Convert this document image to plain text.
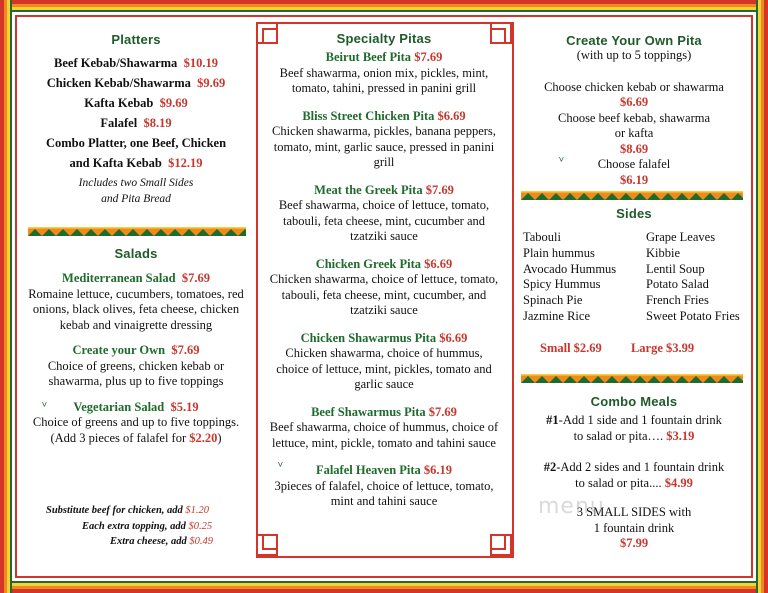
Platters
Beef Kebab/Shawarma $10.19
Chicken Kebab/Shawarma $9.69
Kafta Kebab $9.69
Falafel $8.19
Combo Platter, one Beef, Chicken
and Kafta Kebab $12.19
Includes two Small Sides
and Pita Bread
Salads
Mediterranean Salad $7.69
Romaine lettuce, cucumbers, tomatoes, red onions, black olives, feta cheese, chicken kebab and vinaigrette dressing
Create your Own $7.69
Choice of greens, chicken kebab or shawarma, plus up to five toppings
ⱽ Vegetarian Salad $5.19
Choice of greens and up to five toppings.
(Add 3 pieces of falafel for $2.20)
Substitute beef for chicken, add $1.20
Each extra topping, add $0.25
Extra cheese, add $0.49
Specialty Pitas
Beirut Beef Pita $7.69
Beef shawarma, onion mix, pickles, mint, tomato, tahini, pressed in panini grill
Bliss Street Chicken Pita $6.69
Chicken shawarma, pickles, banana peppers, tomato, mint, garlic sauce, pressed in panini grill
Meat the Greek Pita $7.69
Beef shawarma, choice of lettuce, tomato, tabouli, feta cheese, mint, cucumber and tzatziki sauce
Chicken Greek Pita $6.69
Chicken shawarma, choice of lettuce, tomato, tabouli, feta cheese, mint, cucumber, and tzatziki sauce
Chicken Shawarmus Pita $6.69
Chicken shawarma, choice of hummus, choice of lettuce, mint, pickles, tomato and garlic sauce
Beef Shawarmus Pita $7.69
Beef shawarma, choice of hummus, choice of lettuce, mint, pickle, tomato and tahini sauce
ⱽ	Falafel Heaven Pita $6.19
3pieces of falafel, choice of lettuce, tomato, mint and tahini sauce
Create Your Own Pita
(with up to 5 toppings)
Choose chicken kebab or shawarma
$6.69
Choose beef kebab, shawarma
or kafta
$8.69
ⱽ	Choose falafel
$6.19
Sides
Tabouli
Plain hummus
Avocado Hummus
Spicy Hummus
Spinach Pie
Jazmine Rice
Grape Leaves
Kibbie
Lentil Soup
Potato Salad
French Fries
Sweet Potato Fries
Small $2.69 Large $3.99
Combo Meals
#1-Add 1 side and 1 fountain drink
to salad or pita…. $3.19
#2-Add 2 sides and 1 fountain drink
to salad or pita.... $4.99
3 SMALL SIDES with
1 fountain drink
$7.99
menu
